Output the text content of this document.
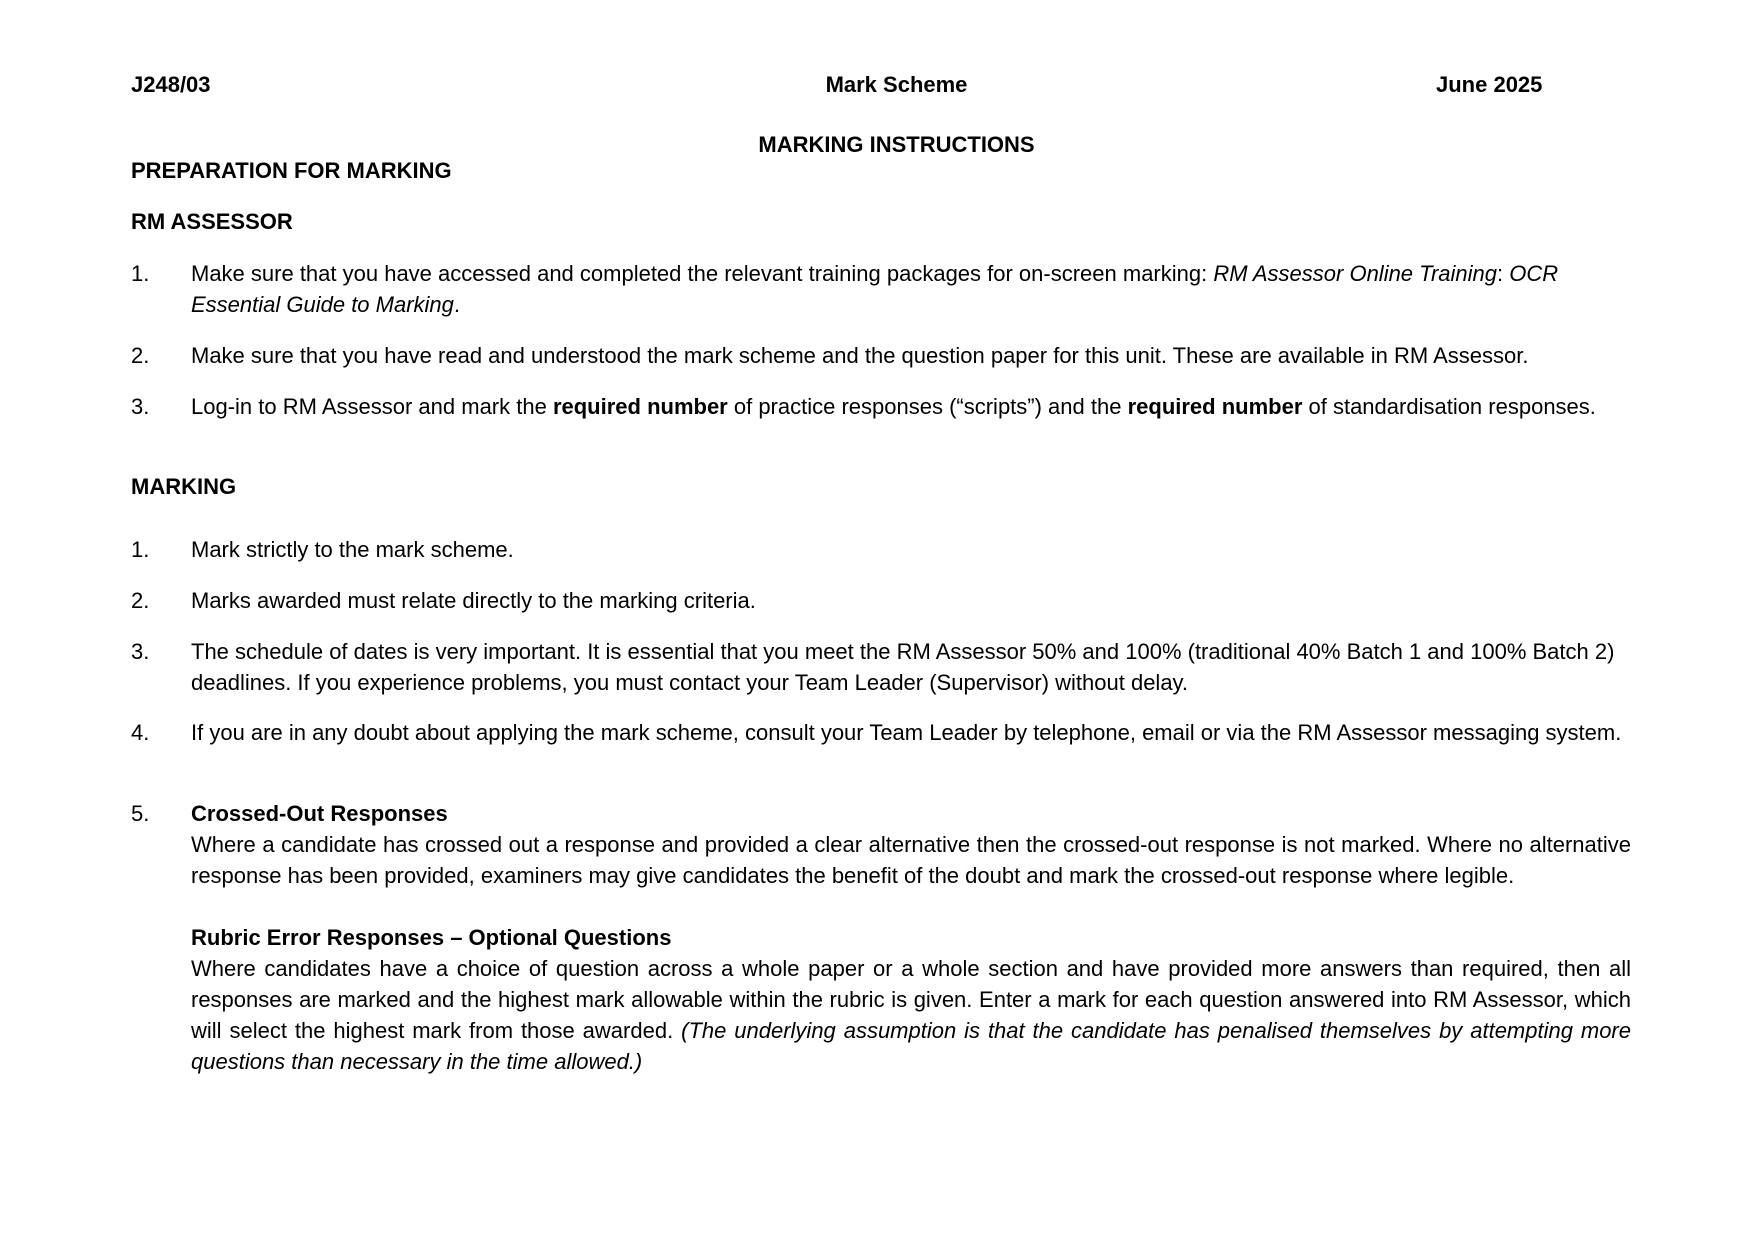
J248/03	Mark Scheme	June 2025
MARKING INSTRUCTIONS
PREPARATION FOR MARKING
RM ASSESSOR
1. Make sure that you have accessed and completed the relevant training packages for on-screen marking: RM Assessor Online Training: OCR Essential Guide to Marking.
2. Make sure that you have read and understood the mark scheme and the question paper for this unit. These are available in RM Assessor.
3. Log-in to RM Assessor and mark the required number of practice responses (“scripts”) and the required number of standardisation responses.
MARKING
1. Mark strictly to the mark scheme.
2. Marks awarded must relate directly to the marking criteria.
3. The schedule of dates is very important. It is essential that you meet the RM Assessor 50% and 100% (traditional 40% Batch 1 and 100% Batch 2) deadlines. If you experience problems, you must contact your Team Leader (Supervisor) without delay.
4. If you are in any doubt about applying the mark scheme, consult your Team Leader by telephone, email or via the RM Assessor messaging system.
5. Crossed-Out Responses
Where a candidate has crossed out a response and provided a clear alternative then the crossed-out response is not marked. Where no alternative response has been provided, examiners may give candidates the benefit of the doubt and mark the crossed-out response where legible.
Rubric Error Responses – Optional Questions
Where candidates have a choice of question across a whole paper or a whole section and have provided more answers than required, then all responses are marked and the highest mark allowable within the rubric is given. Enter a mark for each question answered into RM Assessor, which will select the highest mark from those awarded. (The underlying assumption is that the candidate has penalised themselves by attempting more questions than necessary in the time allowed.)
